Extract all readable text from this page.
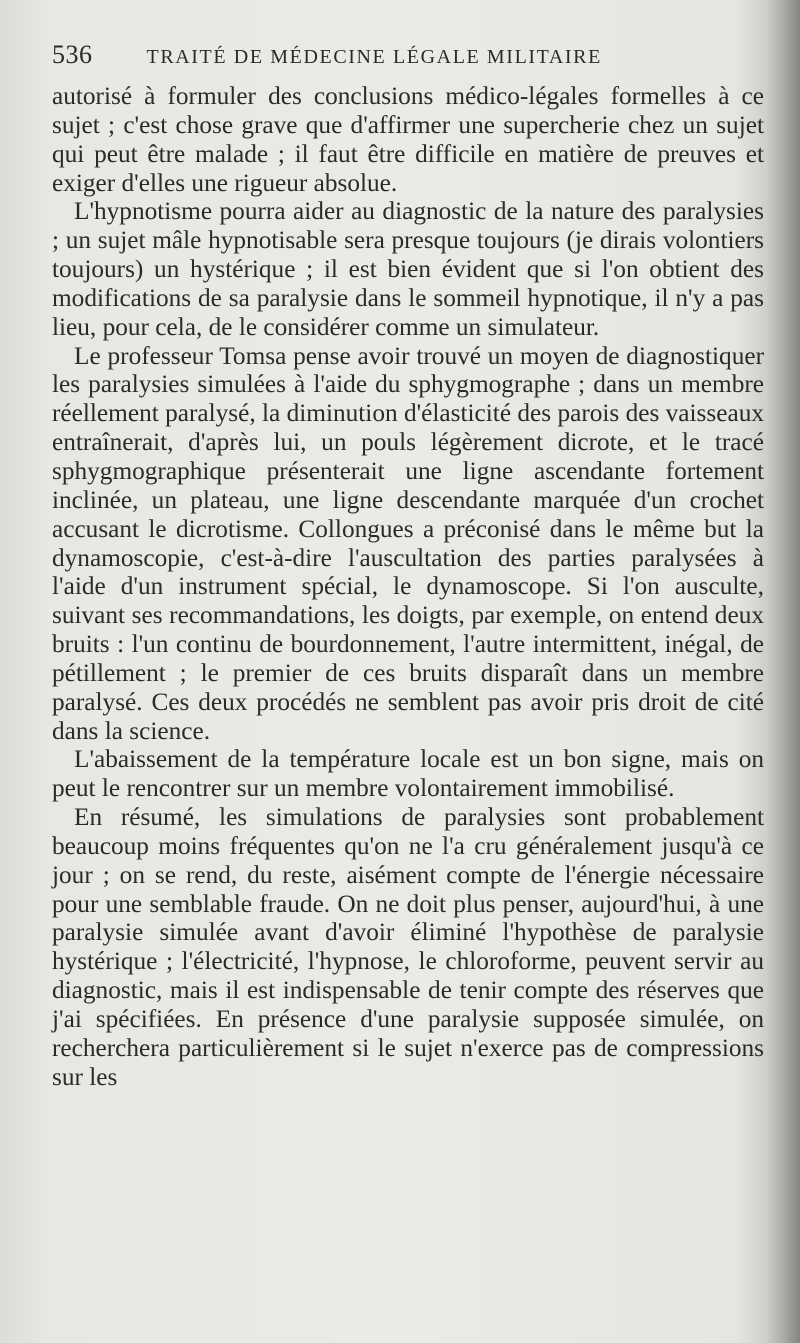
536	TRAITÉ DE MÉDECINE LÉGALE MILITAIRE

autorisé à formuler des conclusions médico-légales formelles à ce sujet ; c'est chose grave que d'affirmer une supercherie chez un sujet qui peut être malade ; il faut être difficile en matière de preuves et exiger d'elles une rigueur absolue.

L'hypnotisme pourra aider au diagnostic de la nature des paralysies ; un sujet mâle hypnotisable sera presque toujours (je dirais volontiers toujours) un hystérique ; il est bien évident que si l'on obtient des modifications de sa paralysie dans le sommeil hypnotique, il n'y a pas lieu, pour cela, de le considérer comme un simulateur.

Le professeur Tomsa pense avoir trouvé un moyen de diagnostiquer les paralysies simulées à l'aide du sphygmographe ; dans un membre réellement paralysé, la diminution d'élasticité des parois des vaisseaux entraînerait, d'après lui, un pouls légèrement dicrote, et le tracé sphygmographique présenterait une ligne ascendante fortement inclinée, un plateau, une ligne descendante marquée d'un crochet accusant le dicrotisme. Collongues a préconisé dans le même but la dynamoscopie, c'est-à-dire l'auscultation des parties paralysées à l'aide d'un instrument spécial, le dynamoscope. Si l'on ausculte, suivant ses recommandations, les doigts, par exemple, on entend deux bruits : l'un continu de bourdonnement, l'autre intermittent, inégal, de pétillement ; le premier de ces bruits disparaît dans un membre paralysé. Ces deux procédés ne semblent pas avoir pris droit de cité dans la science.

L'abaissement de la température locale est un bon signe, mais on peut le rencontrer sur un membre volontairement immobilisé.

En résumé, les simulations de paralysies sont probablement beaucoup moins fréquentes qu'on ne l'a cru généralement jusqu'à ce jour ; on se rend, du reste, aisément compte de l'énergie nécessaire pour une semblable fraude. On ne doit plus penser, aujourd'hui, à une paralysie simulée avant d'avoir éliminé l'hypothèse de paralysie hystérique ; l'électricité, l'hypnose, le chloroforme, peuvent servir au diagnostic, mais il est indispensable de tenir compte des réserves que j'ai spécifiées. En présence d'une paralysie supposée simulée, on recherchera particulièrement si le sujet n'exerce pas de compressions sur les
